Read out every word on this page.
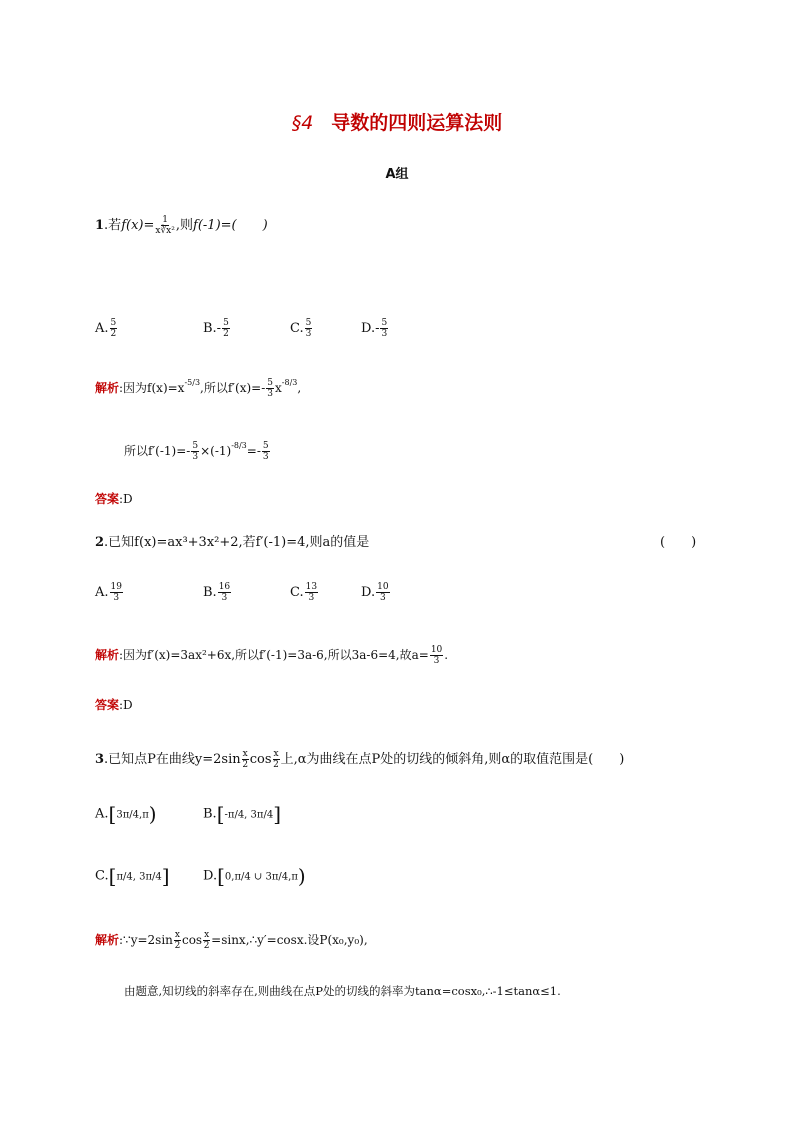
§4 导数的四则运算法则
A组
1.若$f(x)= \frac{1}{\text{x∛x²}}$ ,则f(-1)=(　　)
A. $\frac{5}{2}$	$B.- \frac{5}{2}$	C. $\frac{5}{3}$	$D.- \frac{5}{3}$
解析:因为$f(x)=x^{-5/3}$,所以$f'(x)=- \frac{5}{3} x^{-8/3}$,
所以$f'(-1)=- \frac{5}{3} \times(-1)^{-8/3}=- \frac{5}{3}$
答案:D
2.已知f(x)=ax³+3x²+2,若f′(-1)=4,则a的值是	(　　)
A. $\frac{19}{3}$	B. $\frac{16}{3}$	C. $\frac{13}{3}$	D. $\frac{10}{3}$
解析:因为f′(x)=3ax²+6x,所以f′(-1)=3a-6,所以3a-6=4,故$a= \frac{10}{3}$ .
答案:D
3.已知点P在曲线$y=2\sin \frac{x}{2}$ $\cos \frac{x}{2}$ 上,α为曲线在点P处的切线的倾斜角,则α的取值范围是(　　)
A.[3π/4,π)	B.[-π/4, 3π/4]
C.[π/4, 3π/4]	D.[0,π/4 ∪ 3π/4,π)
解析:∵y=2sin $\frac{x}{2}$ $\cos \frac{x}{2}$ =sinx,∴y′=cosx.设P(x₀,y₀),
由题意,知切线的斜率存在,则曲线在点P处的切线的斜率为tanα=cosx₀,∴-1≤tanα≤1.
